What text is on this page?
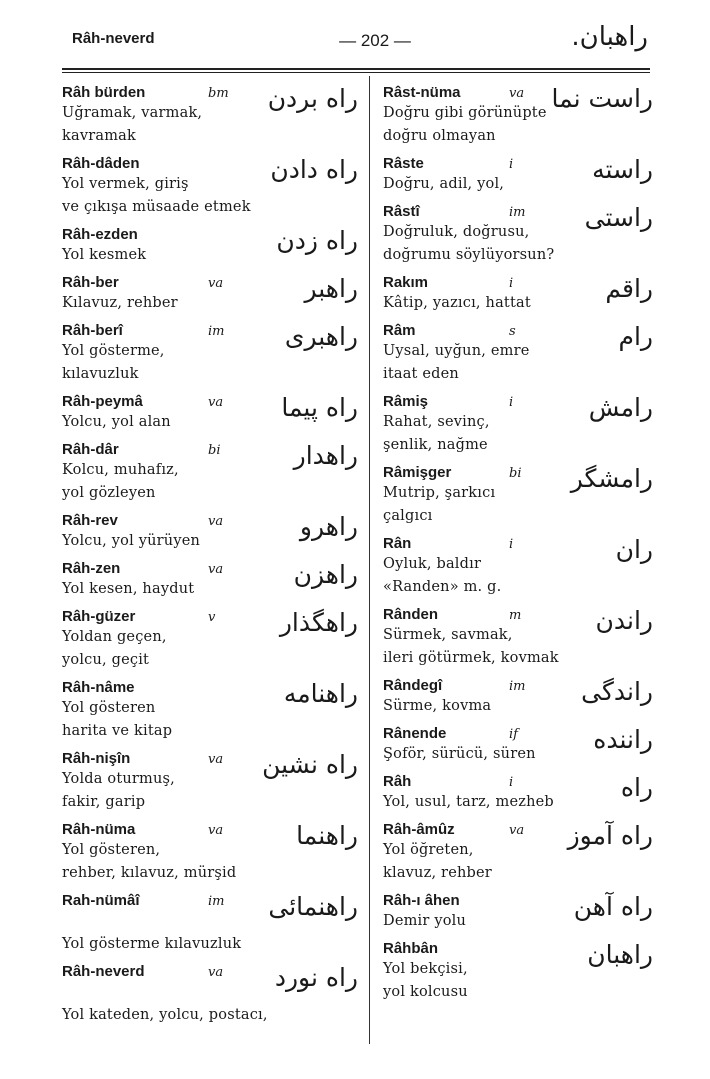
Râh-neverd	— 202 —	راهبان.
Râh bürden	bm راه بردن
Uğramak, varmak,
kavramak
Râh-dâden	راه دادن
Yol vermek, giriş
ve çıkışa müsaade etmek
Râh-ezden	راه زدن
Yol kesmek
Râh-ber	va	راهبر
Kılavuz, rehber
Râh-berî	im راهبرى
Yol gösterme,
kılavuzluk
Râh-peymâ	va راه پيما
Yolcu, yol alan
Râh-dâr	bi	راهدار
Kolcu, muhafız,
yol gözleyen
Râh-rev	va	راهرو
Yolcu, yol yürüyen
Râh-zen	va	راهزن
Yol kesen, haydut
Râh-güzer	v	راهگذار
Yoldan geçen,
yolcu, geçit
Râh-nâme	راهنامه
Yol gösteren
harita ve kitap
Râh-nişîn	va راه نشين
Yolda oturmuş,
fakir, garip
Râh-nüma	va	راهنما
Yol gösteren,
rehber, kılavuz, mürşid
Rah-nümâî	im راهنمائى

Yol gösterme kılavuzluk
Râh-neverd	va راه نورد

Yol kateden, yolcu, postacı,
Râst-nüma	va راست نما
Doğru gibi görünüpte
doğru olmayan
Râste	i	راسته
Doğru, adil, yol,
Râstî	im راستى
Doğruluk, doğrusu,
doğrumu söylüyorsun?
Rakım	i	راقم
Kâtip, yazıcı, hattat
Râm	s	رام
Uysal, uyğun, emre
itaat eden
Râmiş	i	رامش
Rahat, sevinç,
şenlik, nağme
Râmişger	bi رامشگر
Mutrip, şarkıcı
çalgıcı
Rân	i	ران
Oyluk, baldır
«Randen» m. g.
Rânden	m	راندن
Sürmek, savmak,
ileri götürmek, kovmak
Rândegî	im راندگى
Sürme, kovma
Rânende	if	راننده
Şoför, sürücü, süren
Râh	i	راه
Yol, usul, tarz, mezheb
Râh-âmûz	va راه آموز
Yol öğreten,
klavuz, rehber
Râh-ı âhen	راه آهن
Demir yolu
Râhbân	راهبان
Yol bekçisi,
yol kolcusu
